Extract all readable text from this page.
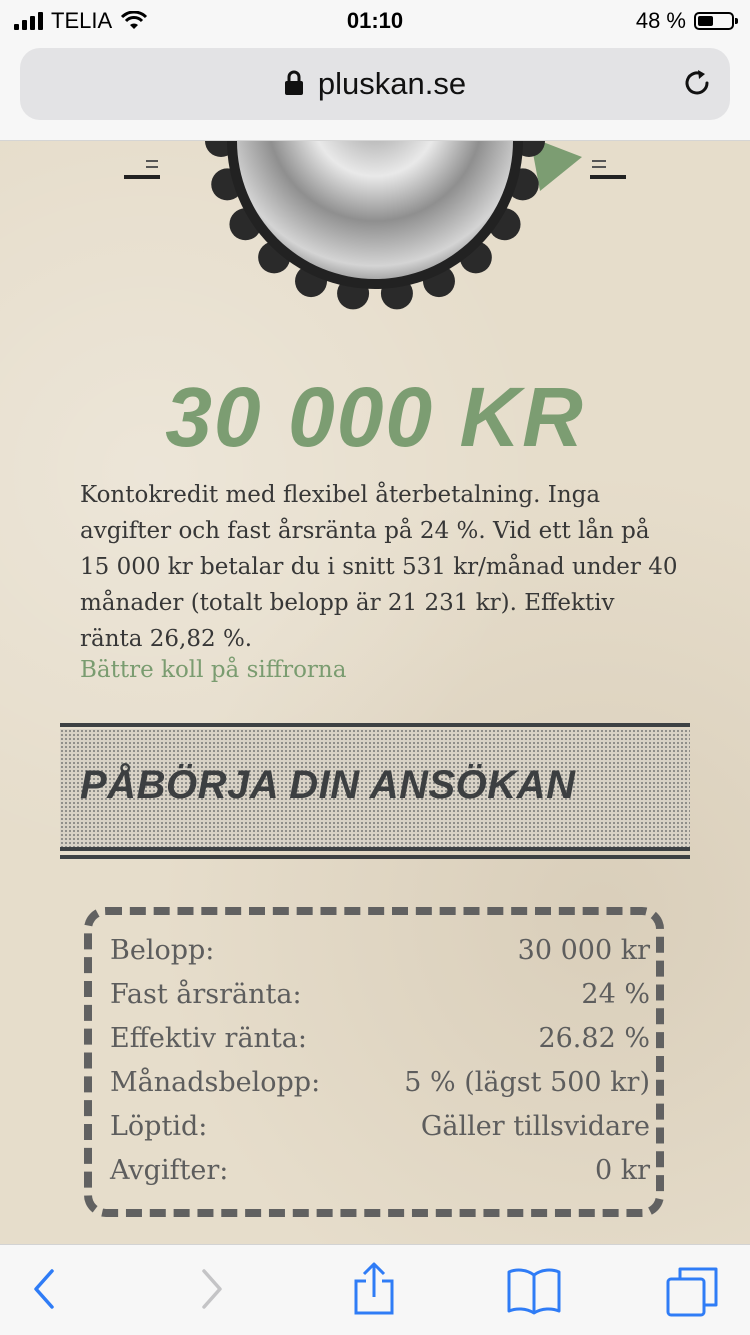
TELIA	01:10	48 %
pluskan.se
30 000 KR
Kontokredit med flexibel återbetalning. Inga avgifter och fast årsränta på 24 %. Vid ett lån på 15 000 kr betalar du i snitt 531 kr/månad under 40 månader (totalt belopp är 21 231 kr). Effektiv ränta 26,82 %.
Bättre koll på siffrorna
PÅBÖRJA DIN ANSÖKAN
Belopp:	30 000 kr
Fast årsränta:	24 %
Effektiv ränta:	26.82 %
Månadsbelopp:	5 % (lägst 500 kr)
Löptid:	Gäller tillsvidare
Avgifter:	0 kr
